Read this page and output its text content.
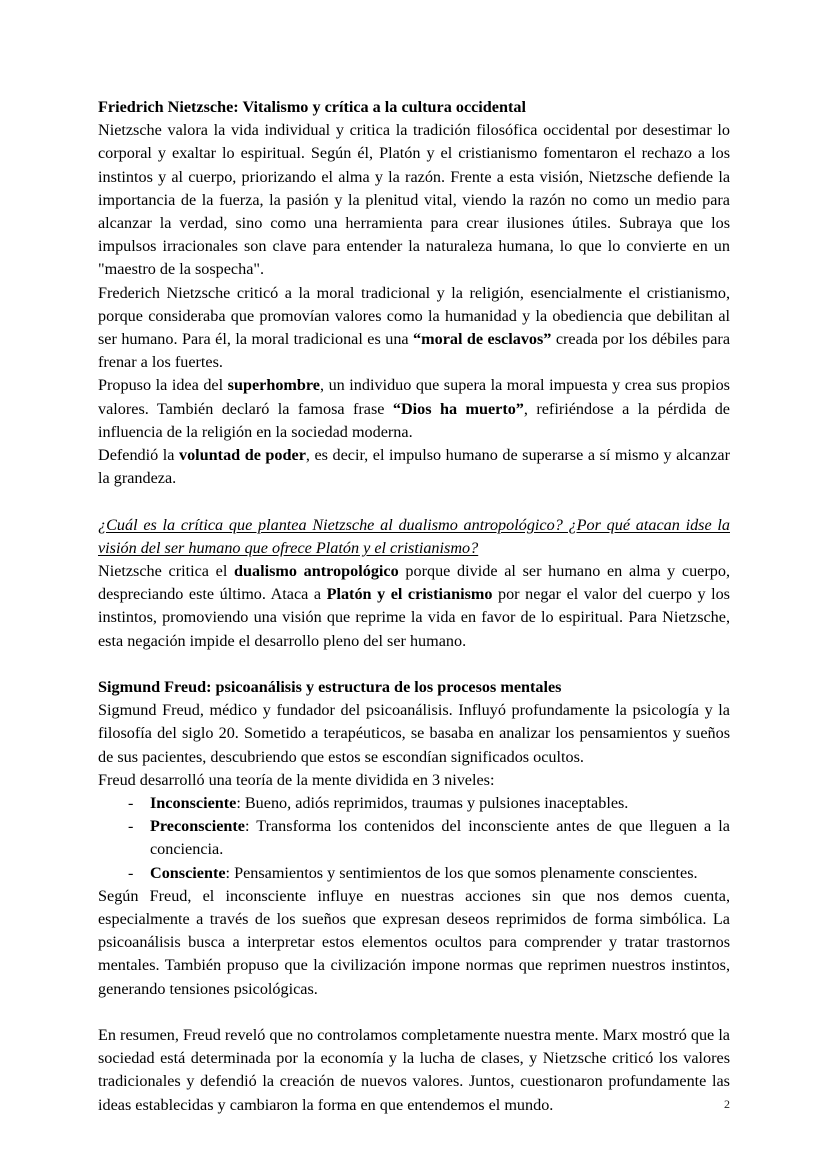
Friedrich Nietzsche: Vitalismo y crítica a la cultura occidental

Nietzsche valora la vida individual y critica la tradición filosófica occidental por desestimar lo corporal y exaltar lo espiritual. Según él, Platón y el cristianismo fomentaron el rechazo a los instintos y al cuerpo, priorizando el alma y la razón. Frente a esta visión, Nietzsche defiende la importancia de la fuerza, la pasión y la plenitud vital, viendo la razón no como un medio para alcanzar la verdad, sino como una herramienta para crear ilusiones útiles. Subraya que los impulsos irracionales son clave para entender la naturaleza humana, lo que lo convierte en un "maestro de la sospecha".

Frederich Nietzsche criticó a la moral tradicional y la religión, esencialmente el cristianismo, porque consideraba que promovían valores como la humanidad y la obediencia que debilitan al ser humano. Para él, la moral tradicional es una “moral de esclavos” creada por los débiles para frenar a los fuertes.

Propuso la idea del superhombre, un individuo que supera la moral impuesta y crea sus propios valores. También declaró la famosa frase “Dios ha muerto”, refiriéndose a la pérdida de influencia de la religión en la sociedad moderna.

Defendió la voluntad de poder, es decir, el impulso humano de superarse a sí mismo y alcanzar la grandeza.

¿Cuál es la crítica que plantea Nietzsche al dualismo antropológico? ¿Por qué atacan idse la visión del ser humano que ofrece Platón y el cristianismo?

Nietzsche critica el dualismo antropológico porque divide al ser humano en alma y cuerpo, despreciando este último. Ataca a Platón y el cristianismo por negar el valor del cuerpo y los instintos, promoviendo una visión que reprime la vida en favor de lo espiritual. Para Nietzsche, esta negación impide el desarrollo pleno del ser humano.

Sigmund Freud: psicoanálisis y estructura de los procesos mentales

Sigmund Freud, médico y fundador del psicoanálisis. Influyó profundamente la psicología y la filosofía del siglo 20. Sometido a terapéuticos, se basaba en analizar los pensamientos y sueños de sus pacientes, descubriendo que estos se escondían significados ocultos.

Freud desarrolló una teoría de la mente dividida en 3 niveles:

- Inconsciente: Bueno, adiós reprimidos, traumas y pulsiones inaceptables.
- Preconsciente: Transforma los contenidos del inconsciente antes de que lleguen a la conciencia.
- Consciente: Pensamientos y sentimientos de los que somos plenamente conscientes.

Según Freud, el inconsciente influye en nuestras acciones sin que nos demos cuenta, especialmente a través de los sueños que expresan deseos reprimidos de forma simbólica. La psicoanálisis busca a interpretar estos elementos ocultos para comprender y tratar trastornos mentales. También propuso que la civilización impone normas que reprimen nuestros instintos, generando tensiones psicológicas.

En resumen, Freud reveló que no controlamos completamente nuestra mente. Marx mostró que la sociedad está determinada por la economía y la lucha de clases, y Nietzsche criticó los valores tradicionales y defendió la creación de nuevos valores. Juntos, cuestionaron profundamente las ideas establecidas y cambiaron la forma en que entendemos el mundo.	2
